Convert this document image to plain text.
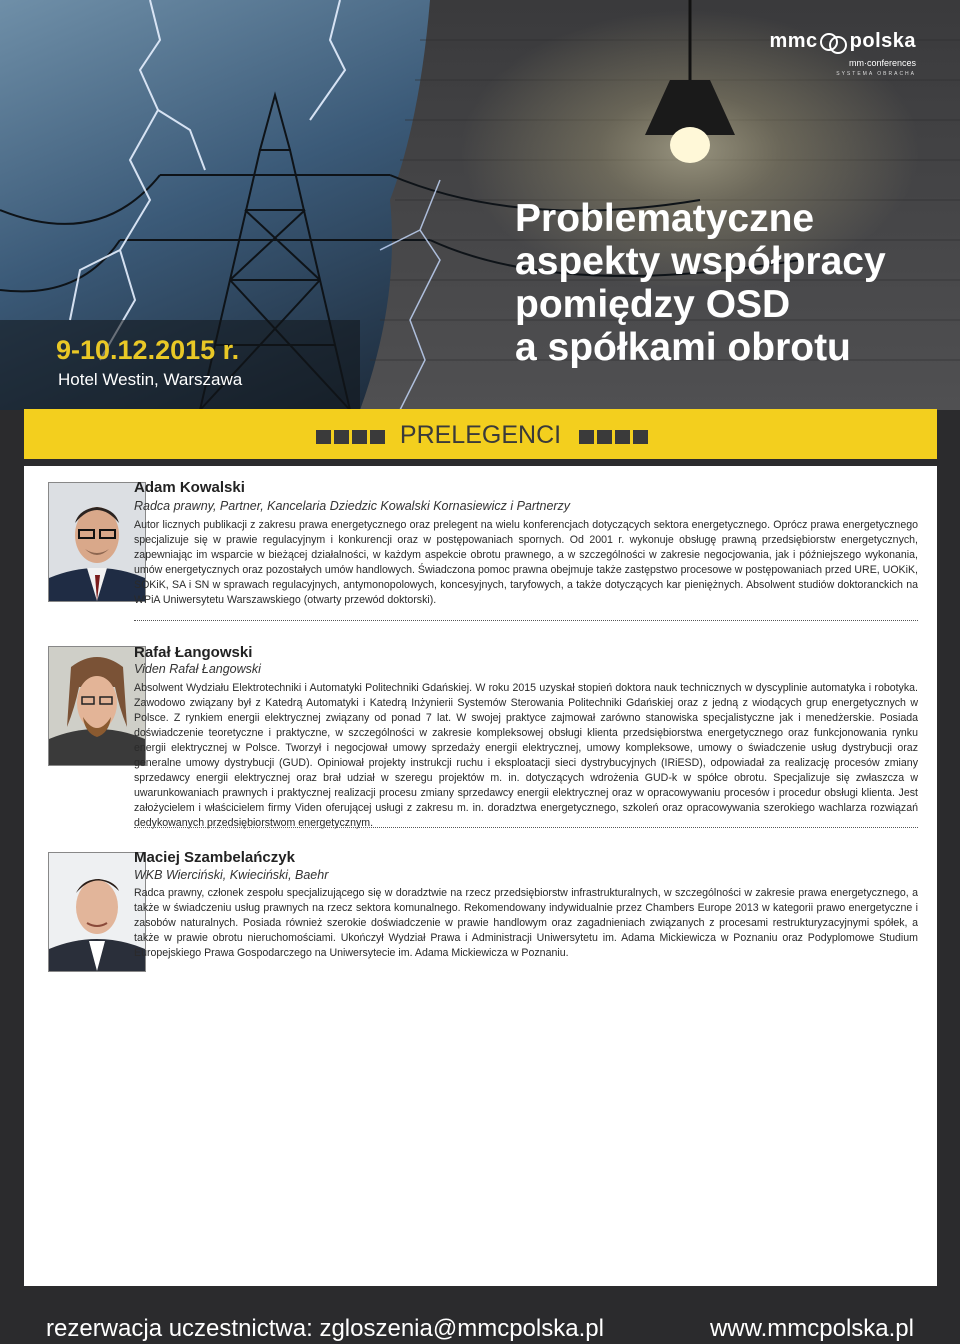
mmc polska
mm·conferences
SYSTEMA OBRACHA
9-10.12.2015 r.
Hotel Westin, Warszawa
Problematyczne
aspekty współpracy
pomiędzy OSD
a spółkami obrotu
PRELEGENCI
Adam Kowalski
Radca prawny, Partner, Kancelaria Dziedzic Kowalski Kornasiewicz i Partnerzy
Autor licznych publikacji z zakresu prawa energetycznego oraz prelegent na wielu konferencjach dotyczących sektora energetycznego. Oprócz prawa energetycznego specjalizuje się w prawie regulacyjnym i konkurencji oraz w postępowaniach spornych. Od 2001 r. wykonuje obsługę prawną przedsiębiorstw energetycznych, zapewniając im wsparcie w bieżącej działalności, w każdym aspekcie obrotu prawnego, a w szczególności w zakresie negocjowania, jak i późniejszego wykonania, umów energetycznych oraz pozostałych umów handlowych. Świadczona pomoc prawna obejmuje także zastępstwo procesowe w postępowaniach przed URE, UOKiK, SOKiK, SA i SN w sprawach regulacyjnych, antymonopolowych, koncesyjnych, taryfowych, a także dotyczących kar pieniężnych. Absolwent studiów doktoranckich na WPiA Uniwersytetu Warszawskiego (otwarty przewód doktorski).
Rafał Łangowski
Viden Rafał Łangowski
Absolwent Wydziału Elektrotechniki i Automatyki Politechniki Gdańskiej. W roku 2015 uzyskał stopień doktora nauk technicznych w dyscyplinie automatyka i robotyka. Zawodowo związany był z Katedrą Automatyki i Katedrą Inżynierii Systemów Sterowania Politechniki Gdańskiej oraz z jedną z wiodących grup energetycznych w Polsce. Z rynkiem energii elektrycznej związany od ponad 7 lat. W swojej praktyce zajmował zarówno stanowiska specjalistyczne jak i menedżerskie. Posiada doświadczenie teoretyczne i praktyczne, w szczególności w zakresie kompleksowej obsługi klienta przedsiębiorstwa energetycznego oraz funkcjonowania rynku energii elektrycznej w Polsce. Tworzył i negocjował umowy sprzedaży energii elektrycznej, umowy kompleksowe, umowy o świadczenie usług dystrybucji oraz generalne umowy dystrybucji (GUD). Opiniował projekty instrukcji ruchu i eksploatacji sieci dystrybucyjnych (IRiESD), odpowiadał za realizację procesów zmiany sprzedawcy energii elektrycznej oraz brał udział w szeregu projektów m. in. dotyczących wdrożenia GUD-k w spółce obrotu. Specjalizuje się zwłaszcza w uwarunkowaniach prawnych i praktycznej realizacji procesu zmiany sprzedawcy energii elektrycznej oraz w opracowywaniu procesów i procedur obsługi klienta. Jest założycielem i właścicielem firmy Viden oferującej usługi z zakresu m. in. doradztwa energetycznego, szkoleń oraz opracowywania szerokiego wachlarza rozwiązań dedykowanych przedsiębiorstwom energetycznym.
Maciej Szambelańczyk
WKB Wierciński, Kwieciński, Baehr
Radca prawny, członek zespołu specjalizującego się w doradztwie na rzecz przedsiębiorstw infrastrukturalnych, w szczególności w zakresie prawa energetycznego, a także w świadczeniu usług prawnych na rzecz sektora komunalnego. Rekomendowany indywidualnie przez Chambers Europe 2013 w kategorii prawo energetyczne i zasobów naturalnych. Posiada również szerokie doświadczenie w prawie handlowym oraz zagadnieniach związanych z procesami restrukturyzacyjnymi spółek, a także w prawie obrotu nieruchomościami. Ukończył Wydział Prawa i Administracji Uniwersytetu im. Adama Mickiewicza w Poznaniu oraz Podyplomowe Studium Europejskiego Prawa Gospodarczego na Uniwersytecie im. Adama Mickiewicza w Poznaniu.
rezerwacja uczestnictwa: zgloszenia@mmcpolska.pl	www.mmcpolska.pl
